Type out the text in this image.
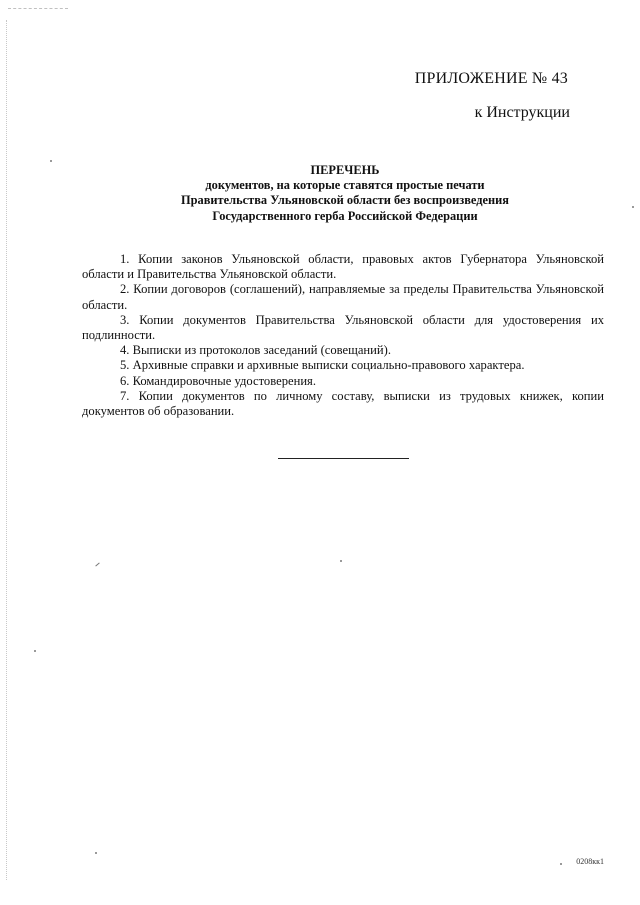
ПРИЛОЖЕНИЕ № 43
к Инструкции
ПЕРЕЧЕНЬ
документов, на которые ставятся простые печати
Правительства Ульяновской области без воспроизведения
Государственного герба Российской Федерации

1. Копии законов Ульяновской области, правовых актов Губернатора Ульяновской области и Правительства Ульяновской области.

2. Копии договоров (соглашений), направляемые за пределы Правительства Ульяновской области.

3. Копии документов Правительства Ульяновской области для удостоверения их подлинности.

4. Выписки из протоколов заседаний (совещаний).

5. Архивные справки и архивные выписки социально-правового характера.

6. Командировочные удостоверения.

7. Копии документов по личному составу, выписки из трудовых книжек, копии документов об образовании.

0208кк1
